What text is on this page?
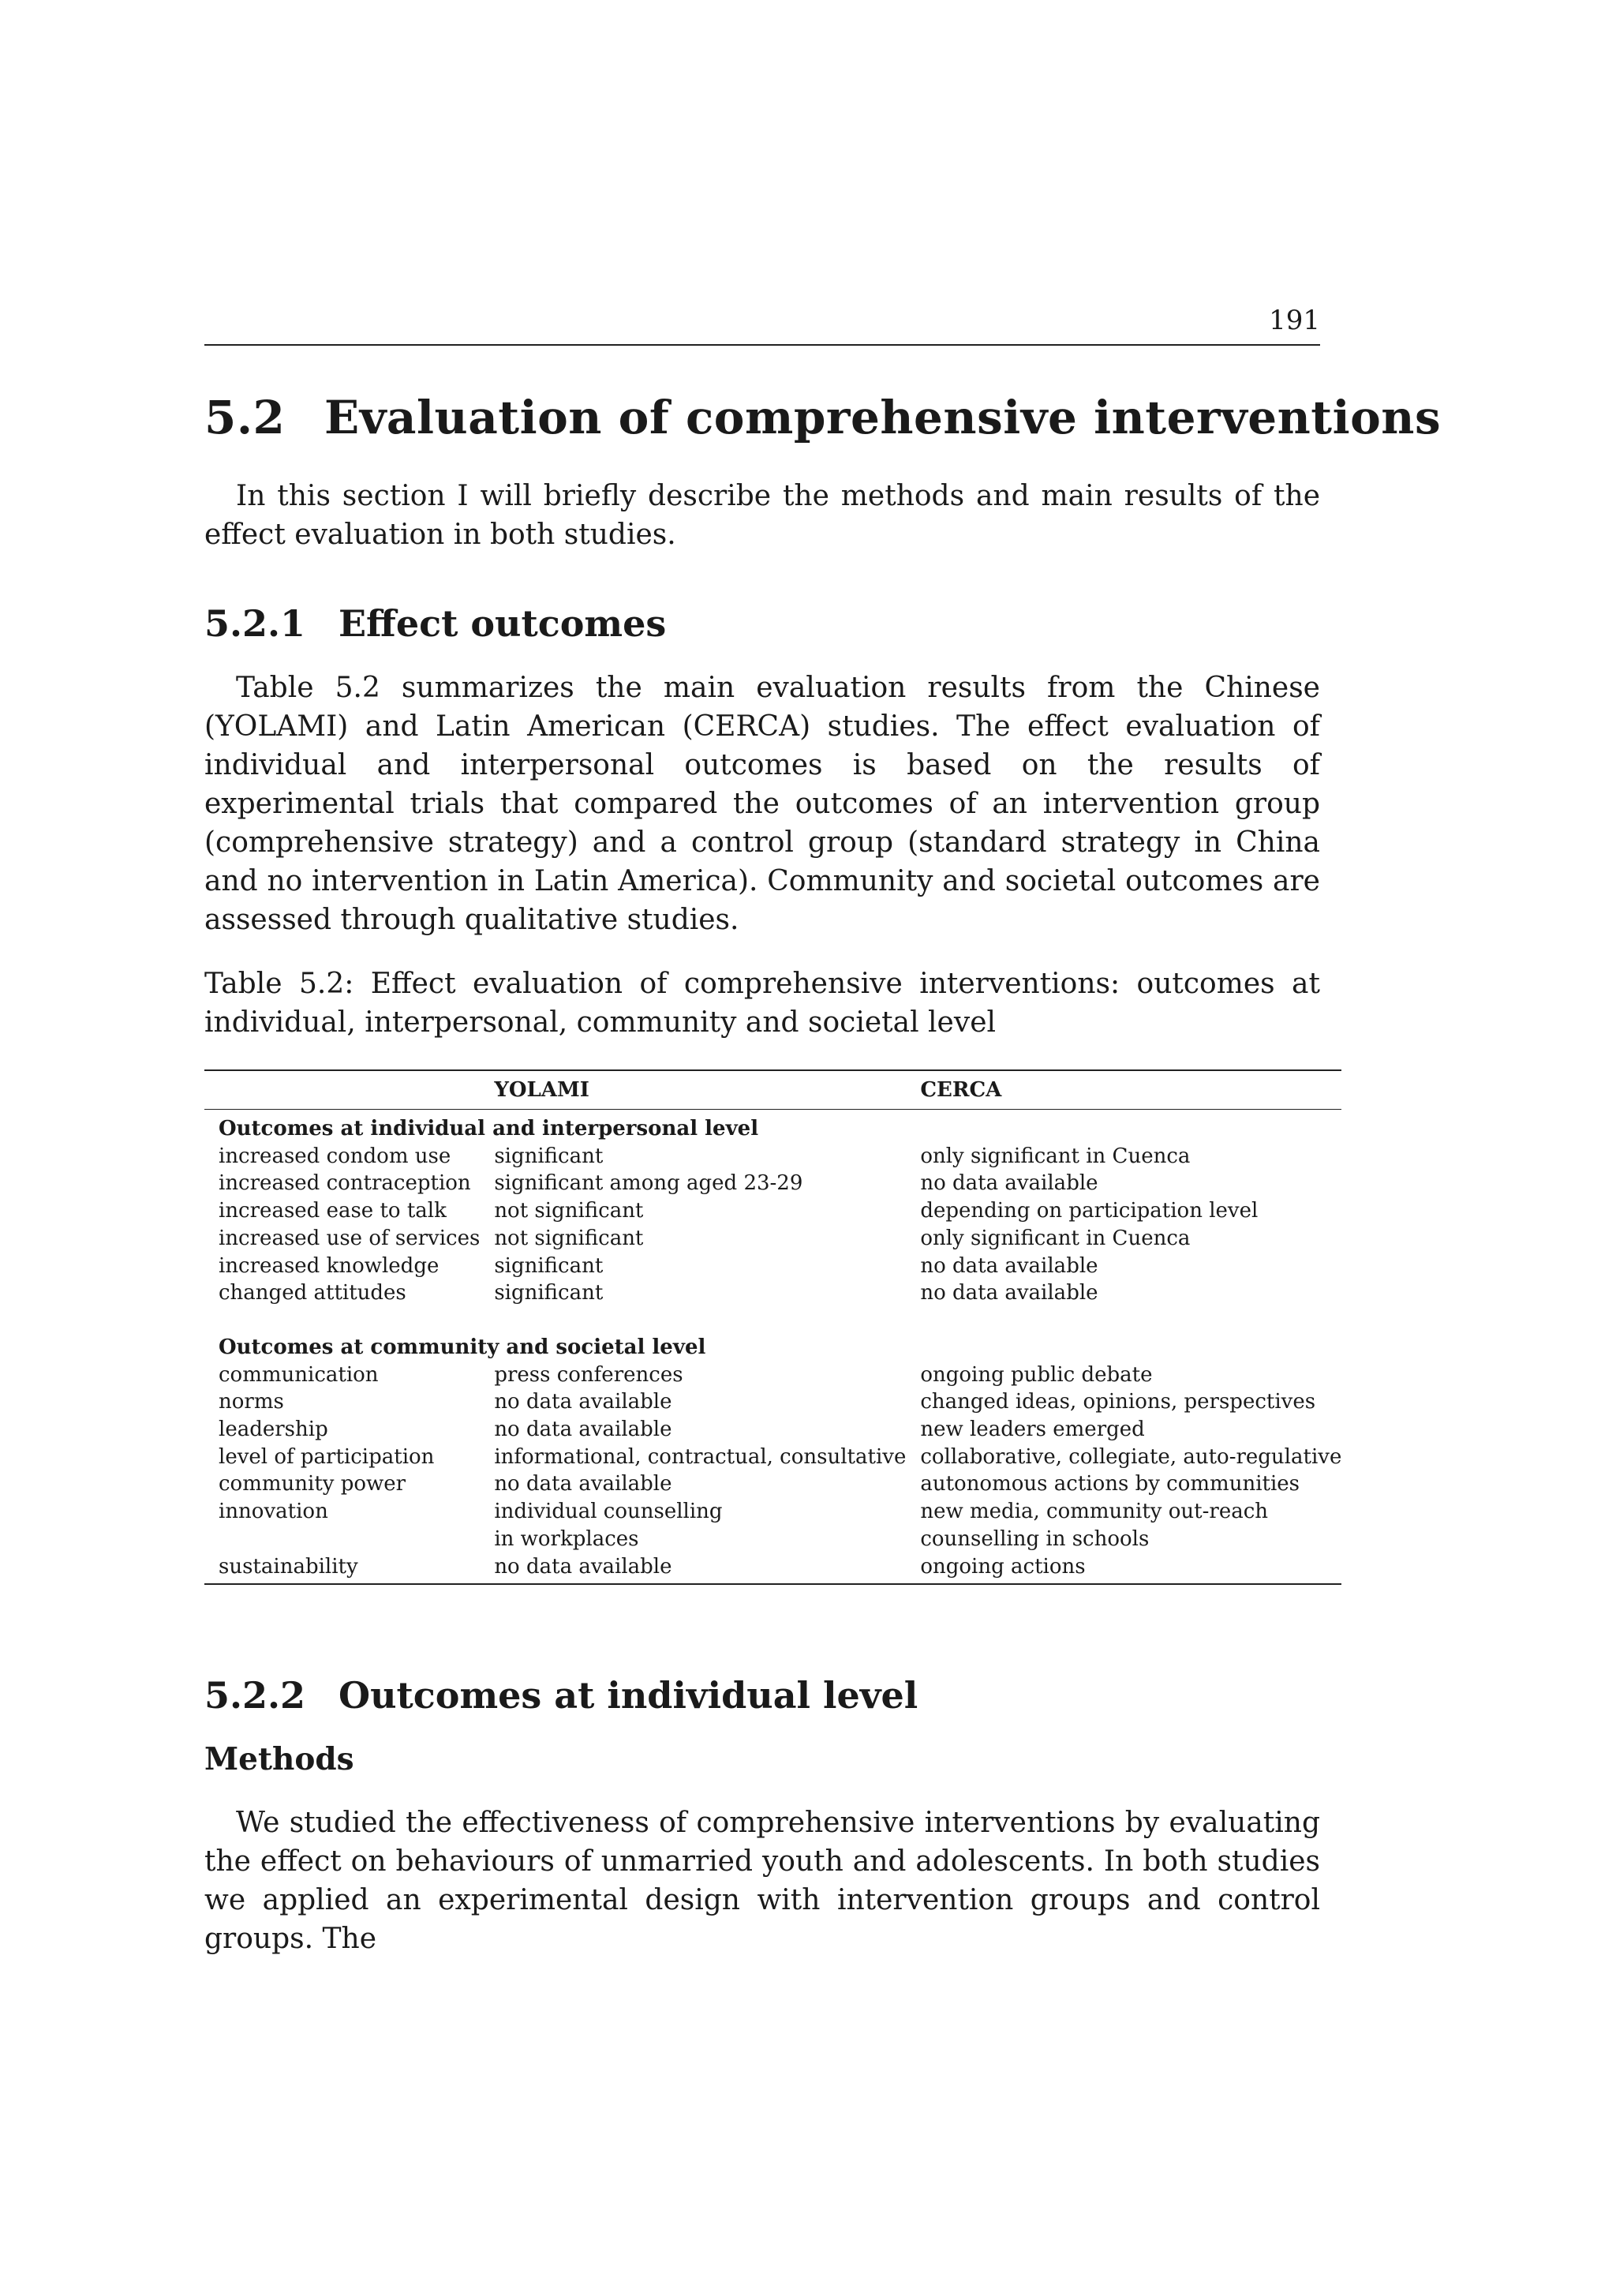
191
5.2 Evaluation of comprehensive interventions

In this section I will briefly describe the methods and main results of the effect evaluation in both studies.

5.2.1 Effect outcomes

Table 5.2 summarizes the main evaluation results from the Chinese (YOLAMI) and Latin American (CERCA) studies. The effect evaluation of individual and interpersonal outcomes is based on the results of experimental trials that compared the outcomes of an intervention group (comprehensive strategy) and a control group (standard strategy in China and no intervention in Latin America). Community and societal outcomes are assessed through qualitative studies.

Table 5.2: Effect evaluation of comprehensive interventions: outcomes at individual, interpersonal, community and societal level

	YOLAMI	CERCA
Outcomes at individual and interpersonal level		
increased condom use	significant	only significant in Cuenca
increased contraception	significant among aged 23-29	no data available
increased ease to talk	not significant	depending on participation level
increased use of services	not significant	only significant in Cuenca
increased knowledge	significant	no data available
changed attitudes	significant	no data available

Outcomes at community and societal level		
communication	press conferences	ongoing public debate
norms	no data available	changed ideas, opinions, perspectives
leadership	no data available	new leaders emerged
level of participation	informational, contractual, consultative	collaborative, collegiate, auto-regulative
community power	no data available	autonomous actions by communities
innovation	individual counselling	new media, community out-reach
	in workplaces	counselling in schools
sustainability	no data available	ongoing actions
5.2.2 Outcomes at individual level
Methods

We studied the effectiveness of comprehensive interventions by evaluating the effect on behaviours of unmarried youth and adolescents. In both studies we applied an experimental design with intervention groups and control groups. The
